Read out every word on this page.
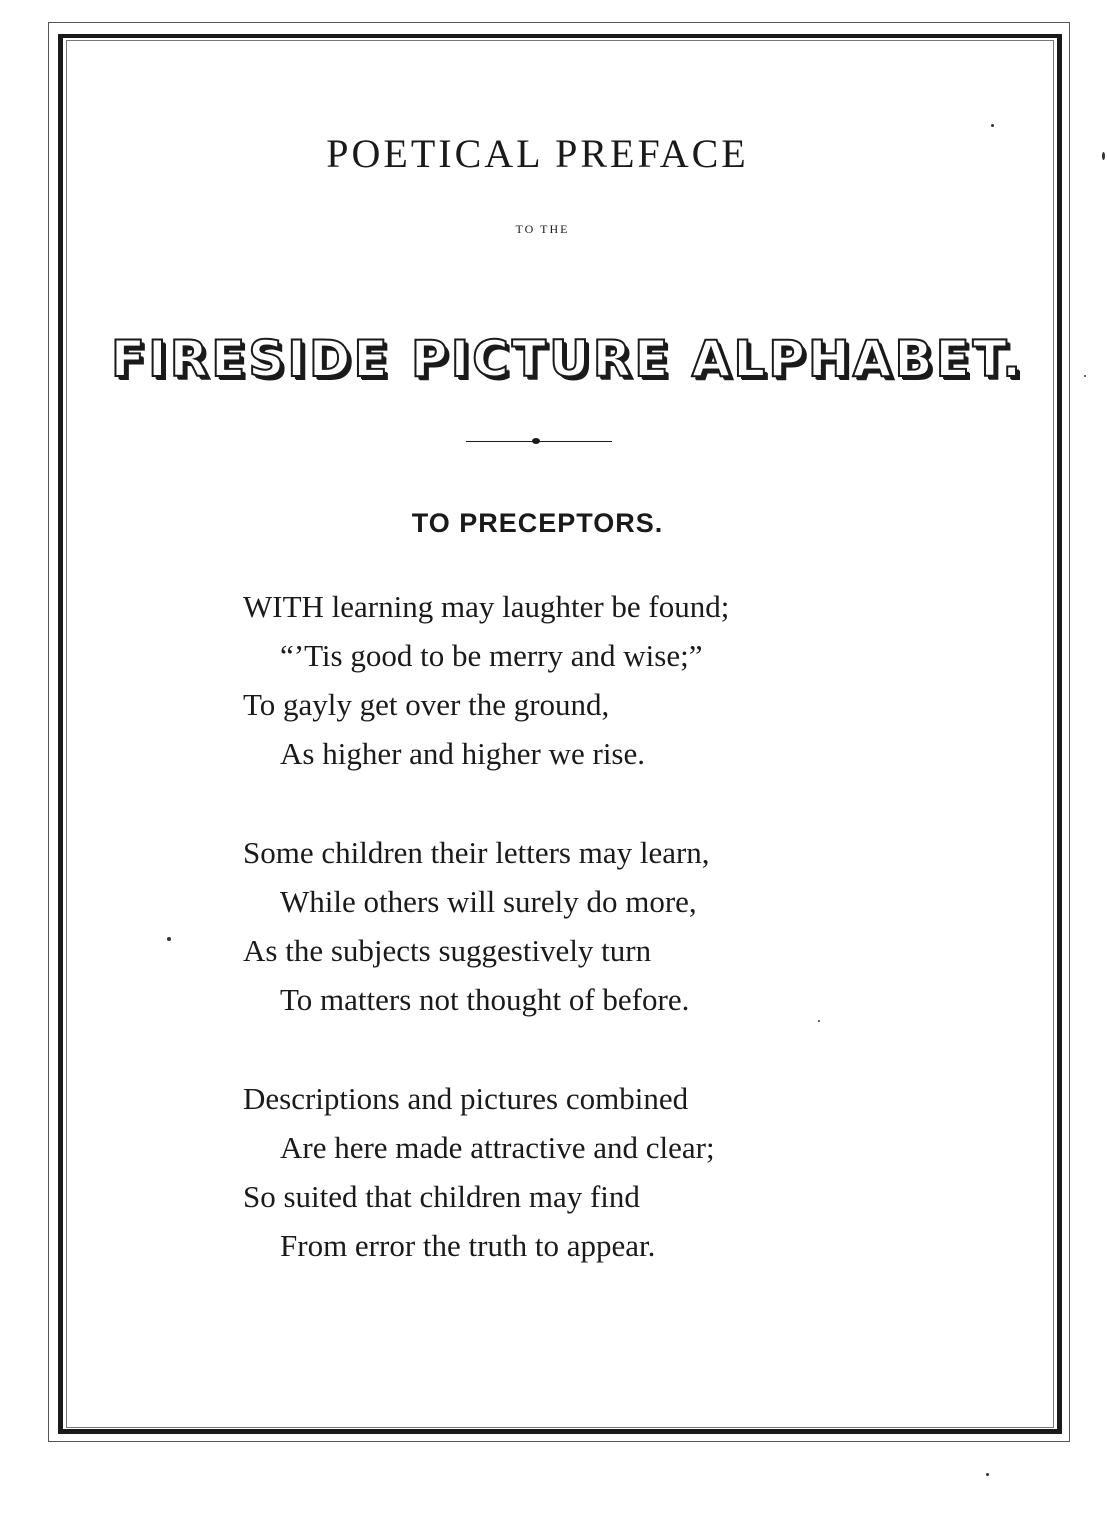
POETICAL PREFACE
TO THE
FIRESIDE PICTURE ALPHABET.
TO PRECEPTORS.
WITH learning may laughter be found;
“’Tis good to be merry and wise;”
To gayly get over the ground,
As higher and higher we rise.
Some children their letters may learn,
While others will surely do more,
As the subjects suggestively turn
To matters not thought of before.
Descriptions and pictures combined
Are here made attractive and clear;
So suited that children may find
From error the truth to appear.
